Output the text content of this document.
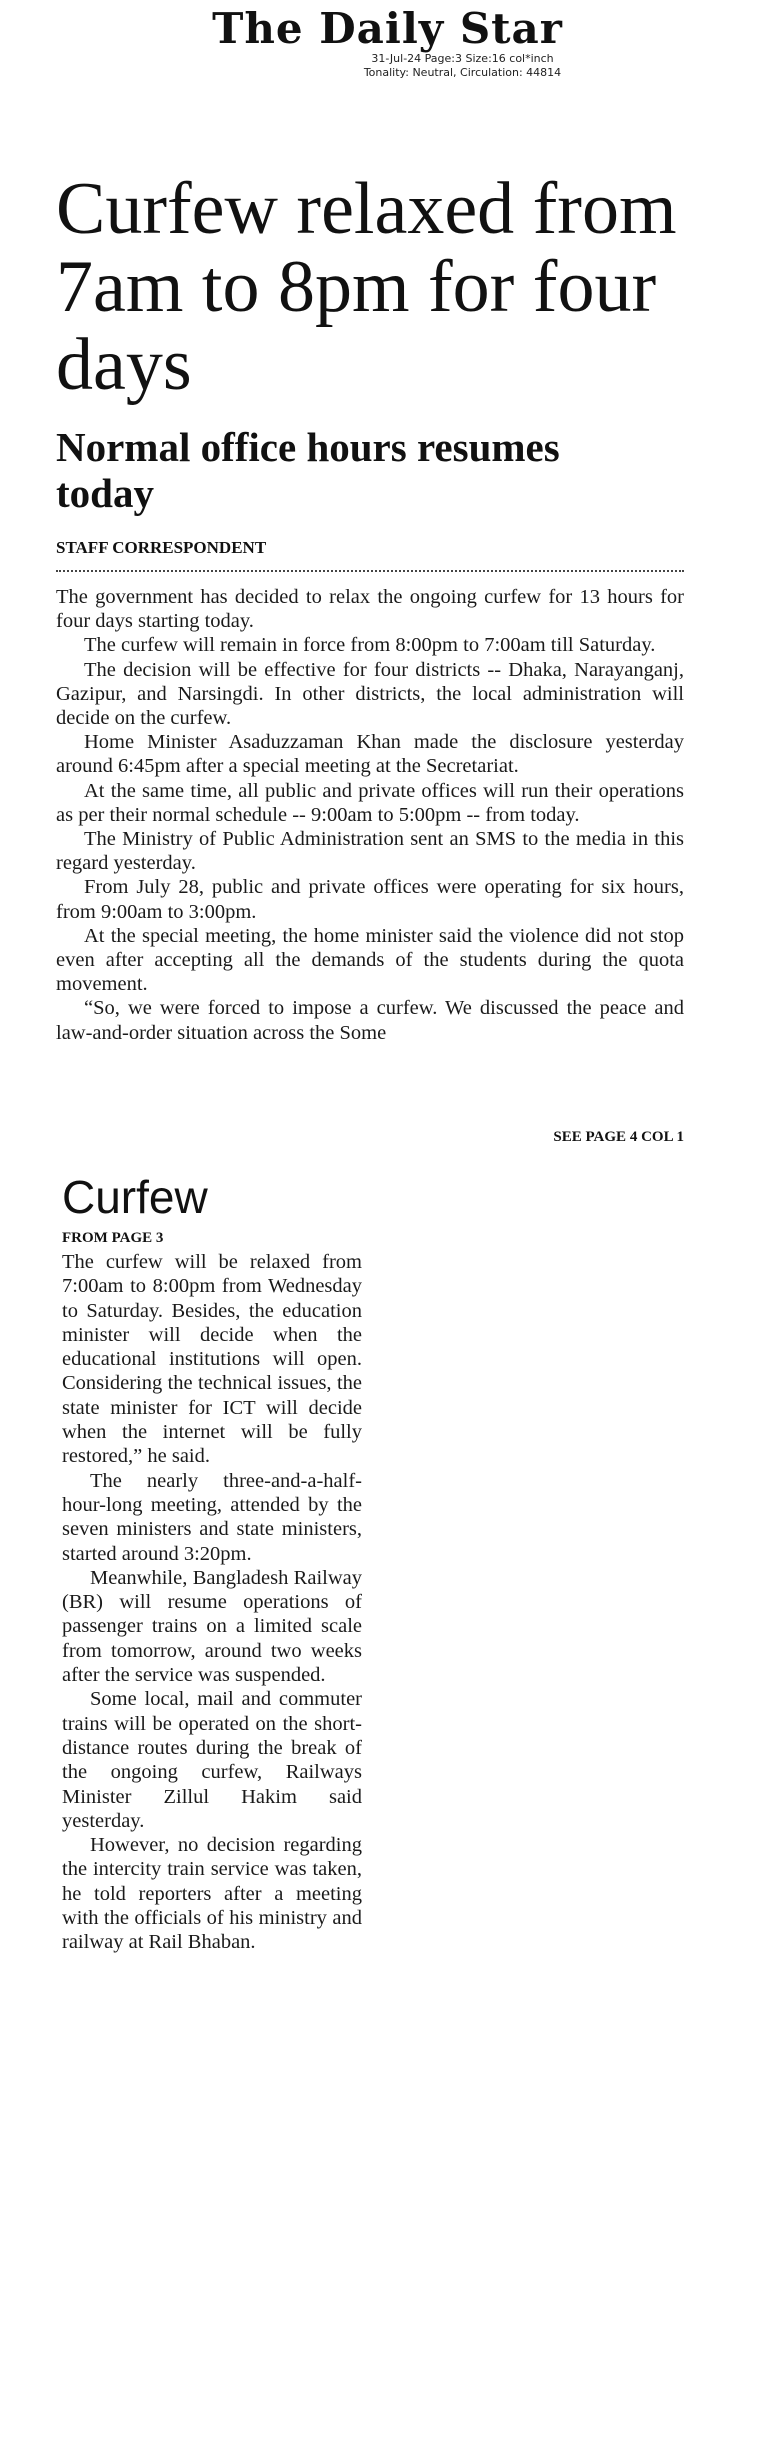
The Daily Star
31-Jul-24 Page:3 Size:16 col*inch
Tonality: Neutral, Circulation: 44814
Curfew relaxed from 7am to 8pm for four days
Normal office hours resumes today
STAFF CORRESPONDENT

The government has decided to relax the ongoing curfew for 13 hours for four days starting today.

The curfew will remain in force from 8:00pm to 7:00am till Saturday.

The decision will be effective for four districts -- Dhaka, Narayanganj, Gazipur, and Narsingdi. In other districts, the local administration will decide on the curfew.

Home Minister Asaduzzaman Khan made the disclosure yesterday around 6:45pm after a special meeting at the Secretariat.

At the same time, all public and private offices will run their operations as per their normal schedule -- 9:00am to 5:00pm -- from today.

The Ministry of Public Administration sent an SMS to the media in this regard yesterday.

From July 28, public and private offices were operating for six hours, from 9:00am to 3:00pm.

At the special meeting, the home minister said the violence did not stop even after accepting all the demands of the students during the quota movement.

“So, we were forced to impose a curfew. We discussed the peace and law-and-order situation across the Some

SEE PAGE 4 COL 1
Curfew
FROM PAGE 3

The curfew will be relaxed from 7:00am to 8:00pm from Wednesday to Saturday. Besides, the education minister will decide when the educational institutions will open. Considering the technical issues, the state minister for ICT will decide when the internet will be fully restored,” he said.

The nearly three-and-a-half-hour-long meeting, attended by the seven ministers and state ministers, started around 3:20pm.

Meanwhile, Bangladesh Railway (BR) will resume operations of passenger trains on a limited scale from tomorrow, around two weeks after the service was suspended.

Some local, mail and commuter trains will be operated on the short-distance routes during the break of the ongoing curfew, Railways Minister Zillul Hakim said yesterday.

However, no decision regarding the intercity train service was taken, he told reporters after a meeting with the officials of his ministry and railway at Rail Bhaban.
